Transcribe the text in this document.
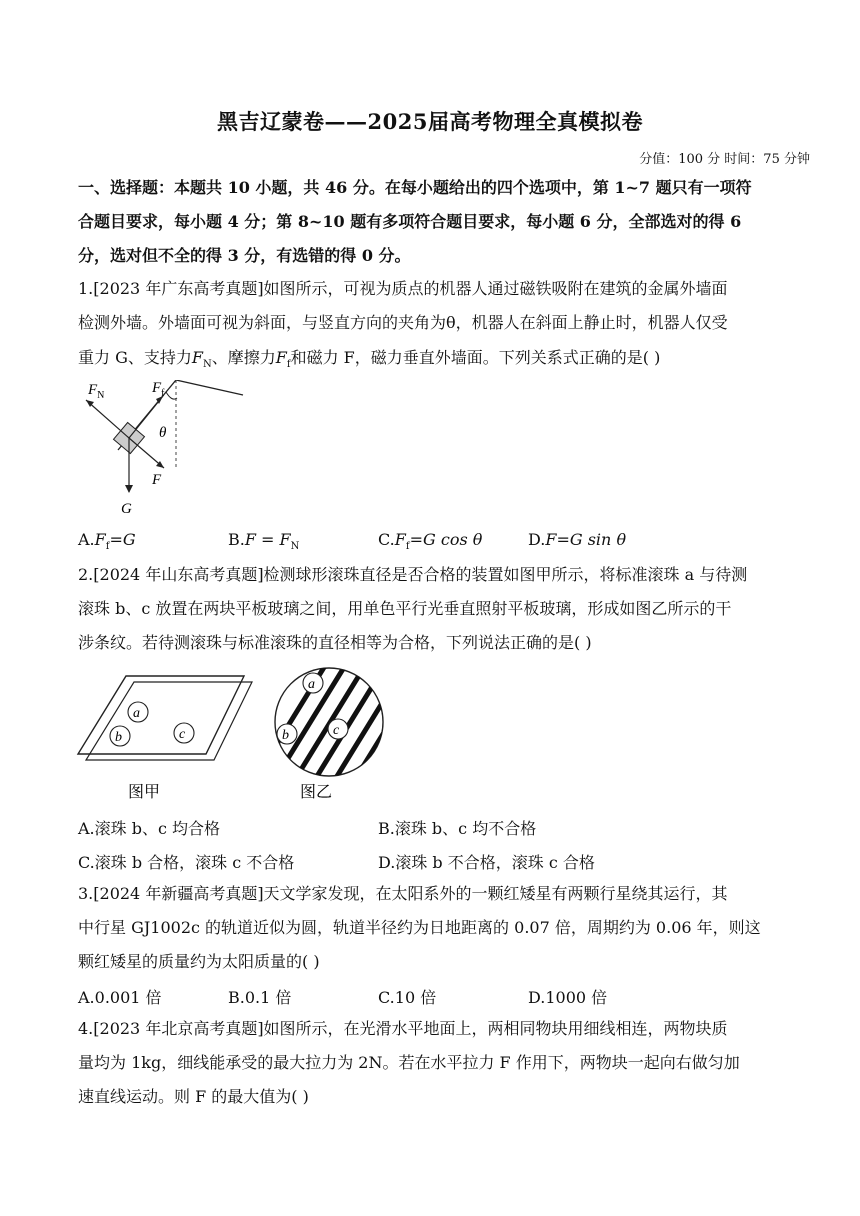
黑吉辽蒙卷——2025届高考物理全真模拟卷
分值：100 分 时间：75 分钟
一、选择题：本题共 10 小题，共 46 分。在每小题给出的四个选项中，第 1~7 题只有一项符
合题目要求，每小题 4 分；第 8~10 题有多项符合题目要求，每小题 6 分，全部选对的得 6
分，选对但不全的得 3 分，有选错的得 0 分。
1.[2023 年广东高考真题]如图所示，可视为质点的机器人通过磁铁吸附在建筑的金属外墙面
检测外墙。外墙面可视为斜面，与竖直方向的夹角为θ，机器人在斜面上静止时，机器人仅受
重力 G、支持力$F_N$、摩擦力$F_f$和磁力 F，磁力垂直外墙面。下列关系式正确的是( )
$F_N$	$F_f$
θ
F
G
$A.F_f=G$	$B.F = F_N$	$C.F_f=G$ cos θ	D.F=G sin θ
2.[2024 年山东高考真题]检测球形滚珠直径是否合格的装置如图甲所示，将标准滚珠 a 与待测
滚珠 b、c 放置在两块平板玻璃之间，用单色平行光垂直照射平板玻璃，形成如图乙所示的干
涉条纹。若待测滚珠与标准滚珠的直径相等为合格，下列说法正确的是( )
a
b	c
a
b	c
图甲	图乙
A.滚珠 b、c 均合格	B.滚珠 b、c 均不合格
C.滚珠 b 合格，滚珠 c 不合格	D.滚珠 b 不合格，滚珠 c 合格
3.[2024 年新疆高考真题]天文学家发现，在太阳系外的一颗红矮星有两颗行星绕其运行，其
中行星 GJ1002c 的轨道近似为圆，轨道半径约为日地距离的 0.07 倍，周期约为 0.06 年，则这
颗红矮星的质量约为太阳质量的( )
A.0.001 倍	B.0.1 倍	C.10 倍	D.1000 倍
4.[2023 年北京高考真题]如图所示，在光滑水平地面上，两相同物块用细线相连，两物块质
量均为 1kg，细线能承受的最大拉力为 2N。若在水平拉力 F 作用下，两物块一起向右做匀加
速直线运动。则 F 的最大值为( )
